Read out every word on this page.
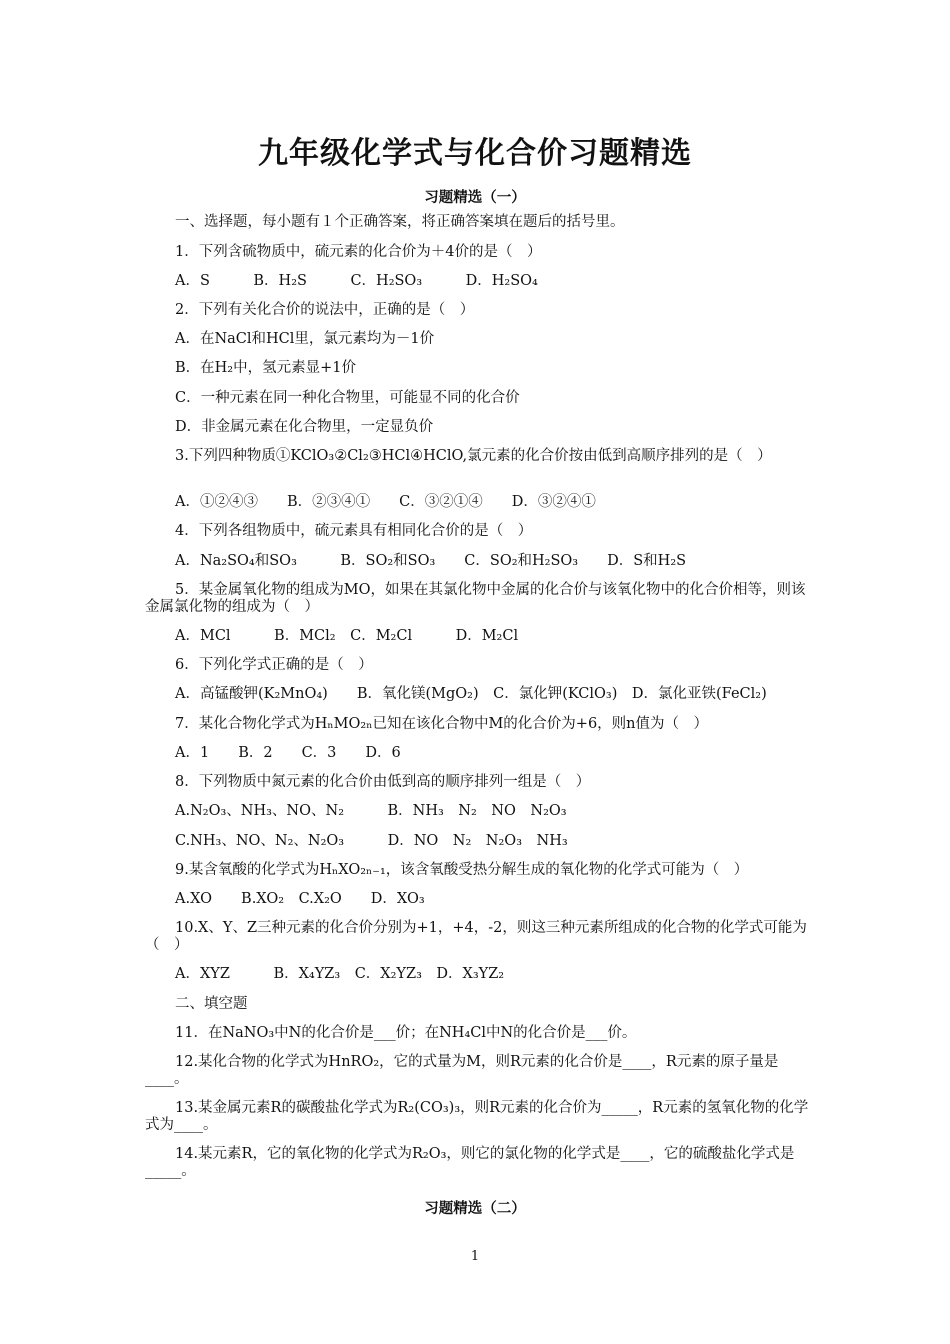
九年级化学式与化合价习题精选
习题精选（一）
一、选择题，每小题有１个正确答案，将正确答案填在题后的括号里。
1．下列含硫物质中，硫元素的化合价为＋4价的是（　）
A．S　　　B．H₂S　　　C．H₂SO₃　　　D．H₂SO₄
2．下列有关化合价的说法中，正确的是（　）
A．在NaCl和HCl里，氯元素均为－1价
B．在H₂中，氢元素显+1价
C．一种元素在同一种化合物里，可能显不同的化合价
D．非金属元素在化合物里，一定显负价
3.下列四种物质①KClO₃②Cl₂③HCl④HClO,氯元素的化合价按由低到高顺序排列的是（　）
A．①②④③　　B．②③④①　　C．③②①④　　D．③②④①
4．下列各组物质中，硫元素具有相同化合价的是（　）
A．Na₂SO₄和SO₃　　　B．SO₂和SO₃　　C．SO₂和H₂SO₃　　D．S和H₂S
5．某金属氧化物的组成为MO，如果在其氯化物中金属的化合价与该氧化物中的化合价相等，则该金属氯化物的组成为（　）
A．MCl　　　B．MCl₂　C．M₂Cl　　　D．M₂Cl
6．下列化学式正确的是（　）
A．高锰酸钾(K₂MnO₄)　　B．氧化镁(MgO₂)　C．氯化钾(KClO₃)　D．氯化亚铁(FeCl₂)
7．某化合物化学式为HₙMO₂ₙ已知在该化合物中M的化合价为+6，则n值为（　）
A．1　　B．2　　C．3　　D．6
8．下列物质中氮元素的化合价由低到高的顺序排列一组是（　）
A.N₂O₃、NH₃、NO、N₂　　　B．NH₃　N₂　NO　N₂O₃
C.NH₃、NO、N₂、N₂O₃　　　D．NO　N₂　N₂O₃　NH₃
9.某含氧酸的化学式为HₙXO₂ₙ₋₁，该含氧酸受热分解生成的氧化物的化学式可能为（　）
A.XO　　B.XO₂　C.X₂O　　D．XO₃
10.X、Y、Z三种元素的化合价分别为+1，+4，-2，则这三种元素所组成的化合物的化学式可能为（　）
A．XYZ　　　B．X₄YZ₃　C．X₂YZ₃　D．X₃YZ₂
二、填空题
11．在NaNO₃中N的化合价是___价；在NH₄Cl中N的化合价是___价。
12.某化合物的化学式为HnRO₂，它的式量为M，则R元素的化合价是____，R元素的原子量是____。
13.某金属元素R的碳酸盐化学式为R₂(CO₃)₃，则R元素的化合价为_____，R元素的氢氧化物的化学式为____。
14.某元素R，它的氧化物的化学式为R₂O₃，则它的氯化物的化学式是____，它的硫酸盐化学式是_____。
习题精选（二）
1
